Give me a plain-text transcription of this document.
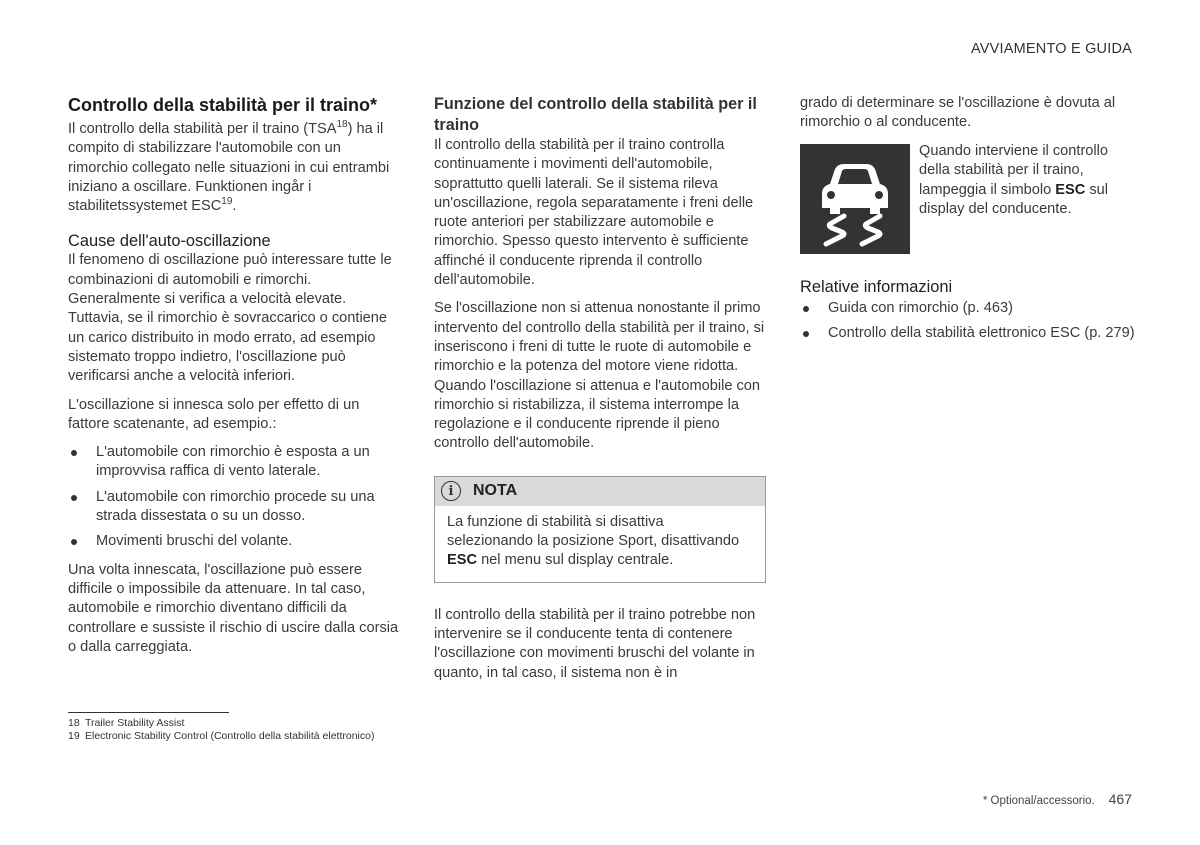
AVVIAMENTO E GUIDA
Controllo della stabilità per il traino*

Il controllo della stabilità per il traino (TSA$^{18}$) ha il compito di stabilizzare l'automobile con un rimorchio collegato nelle situazioni in cui entrambi iniziano a oscillare. Funktionen ingår i stabilitetssystemet ESC$^{19}$.

Cause dell'auto-oscillazione

Il fenomeno di oscillazione può interessare tutte le combinazioni di automobili e rimorchi. Generalmente si verifica a velocità elevate. Tuttavia, se il rimorchio è sovraccarico o contiene un carico distribuito in modo errato, ad esempio sistemato troppo indietro, l'oscillazione può verificarsi anche a velocità inferiori.

L'oscillazione si innesca solo per effetto di un fattore scatenante, ad esempio.:

L'automobile con rimorchio è esposta a un improvvisa raffica di vento laterale.
L'automobile con rimorchio procede su una strada dissestata o su un dosso.
Movimenti bruschi del volante.

Una volta innescata, l'oscillazione può essere difficile o impossibile da attenuare. In tal caso, automobile e rimorchio diventano difficili da controllare e sussiste il rischio di uscire dalla corsia o dalla carreggiata.

Funzione del controllo della stabilità per il traino

Il controllo della stabilità per il traino controlla continuamente i movimenti dell'automobile, soprattutto quelli laterali. Se il sistema rileva un'oscillazione, regola separatamente i freni delle ruote anteriori per stabilizzare automobile e rimorchio. Spesso questo intervento è sufficiente affinché il conducente riprenda il controllo dell'automobile.

Se l'oscillazione non si attenua nonostante il primo intervento del controllo della stabilità per il traino, si inseriscono i freni di tutte le ruote di automobile e rimorchio e la potenza del motore viene ridotta. Quando l'oscillazione si attenua e l'automobile con rimorchio si ristabilizza, il sistema interrompe la regolazione e il conducente riprende il pieno controllo dell'automobile.

i	NOTA

La funzione di stabilità si disattiva selezionando la posizione Sport, disattivando ESC nel menu sul display centrale.

Il controllo della stabilità per il traino potrebbe non intervenire se il conducente tenta di contenere l'oscillazione con movimenti bruschi del volante in quanto, in tal caso, il sistema non è in

grado di determinare se l'oscillazione è dovuta al rimorchio o al conducente.

Quando interviene il controllo della stabilità per il traino, lampeggia il simbolo ESC sul display del conducente.

Relative informazioni
Guida con rimorchio (p. 463)
Controllo della stabilità elettronico ESC (p. 279)
18 Trailer Stability Assist
19 Electronic Stability Control (Controllo della stabilità elettronico)
* Optional/accessorio. 467
